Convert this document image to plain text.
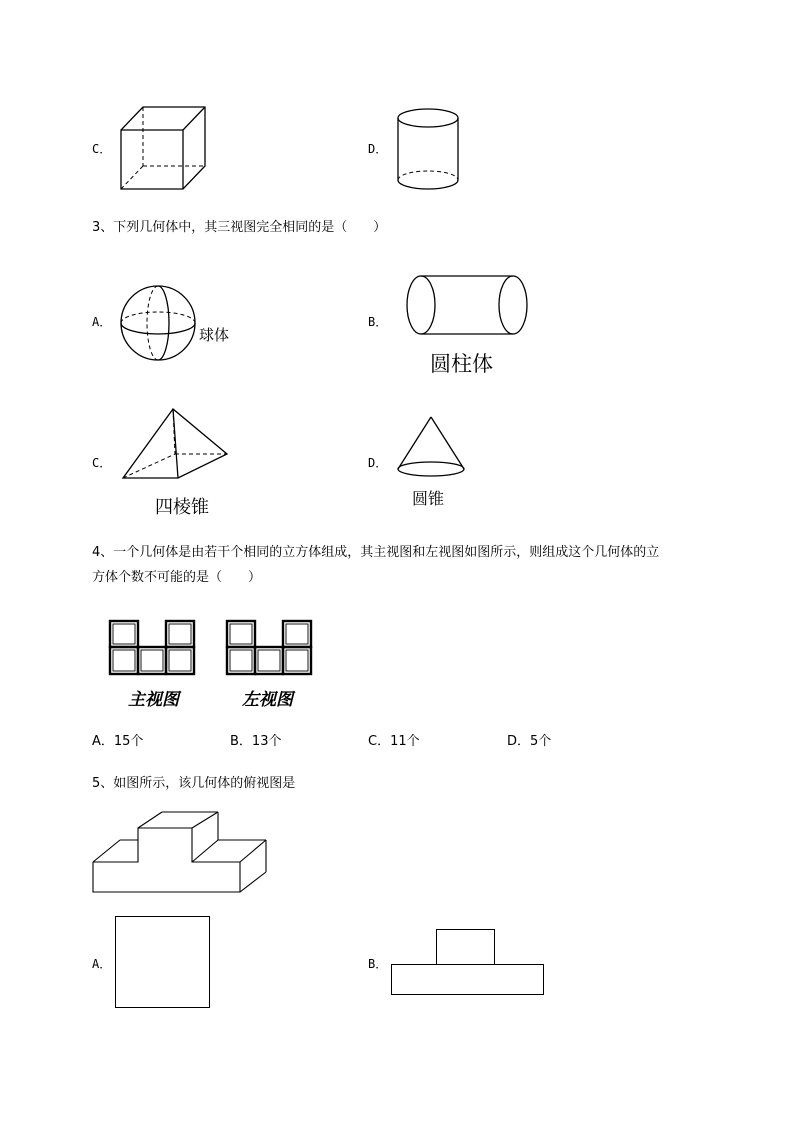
C．	D．
3、下列几何体中，其三视图完全相同的是（　　）
A．
球体
B．
圆柱体
C．
四棱锥
D．
圆锥
4、一个几何体是由若干个相同的立方体组成，其主视图和左视图如图所示，则组成这个几何体的立
方体个数不可能的是（　　）
主视图	左视图
A．15个	B．13个	C．11个	D．5个
5、如图所示，该几何体的俯视图是
A．	B．
